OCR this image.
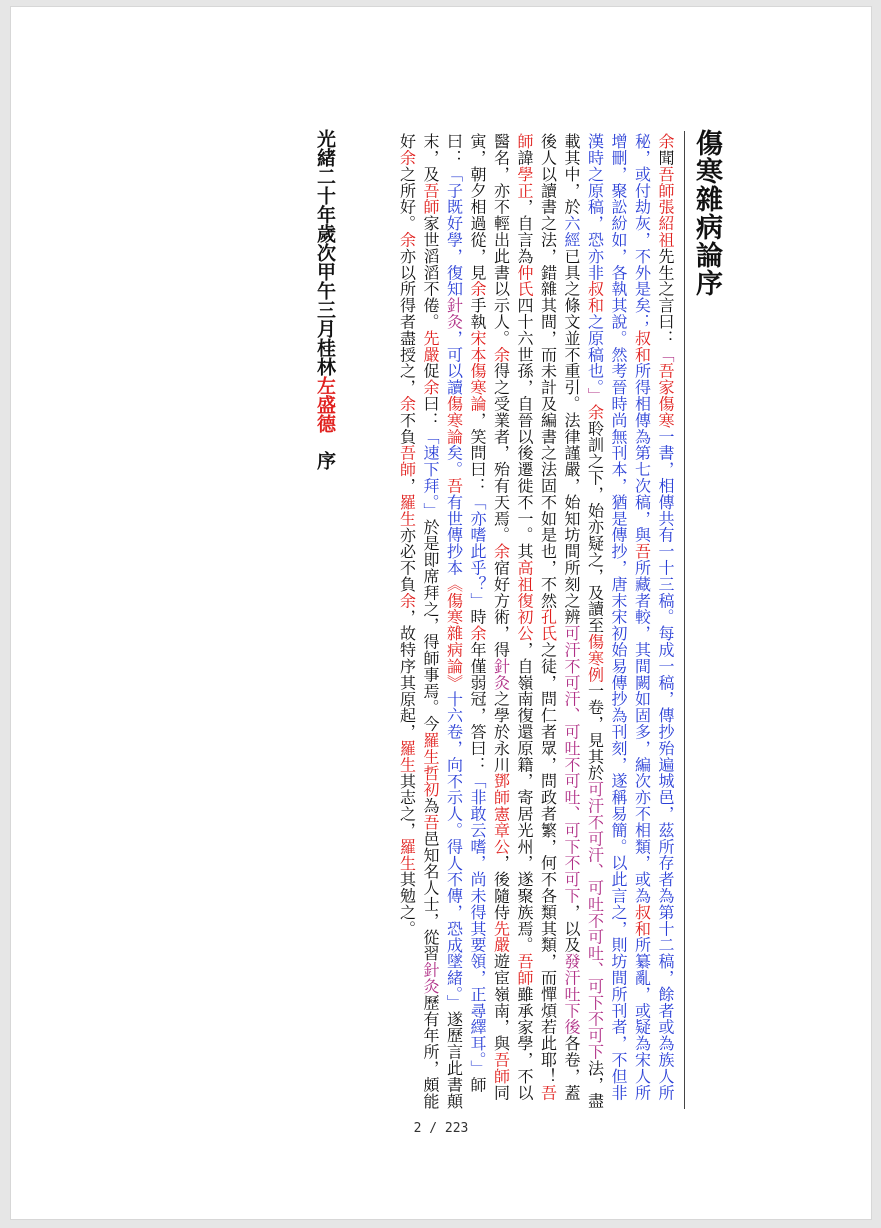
傷寒雜病論序
余聞吾師張紹祖先生之言曰：「吾家傷寒一書，相傳共有一十三稿。每成一稿，傳抄殆遍城邑，茲所存者為第十二稿，餘者或為族人所秘，或付劫灰，不外是矣；叔和所得相傳為第七次稿，與吾所藏者較，其間闕如固多，編次亦不相類，或為叔和所纂亂，或疑為宋人所增刪，聚訟紛如，各執其說。然考晉時尚無刊本，猶是傳抄，唐末宋初始易傳抄為刊刻，遂稱易簡。以此言之，則坊間所刊者，不但非漢時之原稿，恐亦非叔和之原稿也。」余聆訓之下，始亦疑之，及讀至傷寒例一卷，見其於可汗不可汗、可吐不可吐、可下不可下法，盡載其中，於六經已具之條文並不重引。法律謹嚴，始知坊間所刻之辨可汗不可汗、可吐不可吐、可下不可下，以及發汗吐下後各卷，蓋後人以讀書之法，錯雜其間，而未計及編書之法固不如是也，不然孔氏之徒，問仁者眾，問政者繁，何不各類其類，而憚煩若此耶！吾師諱學正，自言為仲氏四十六世孫，自晉以後遷徙不一。其高祖復初公，自嶺南復還原籍，寄居光州，遂聚族焉。吾師雖承家學，不以醫名，亦不輕出此書以示人。余得之受業者，殆有天焉。余宿好方術，得針灸之學於永川鄧師憲章公，後隨侍先嚴遊宦嶺南，與吾師同寅，朝夕相過從，見余手執宋本傷寒論，笑問曰：「亦嗜此乎？」時余年僅弱冠，答曰：「非敢云嗜，尚未得其要領，正尋繹耳。」師曰：「子既好學，復知針灸，可以讀傷寒論矣。吾有世傳抄本《傷寒雜病論》十六卷，向不示人。得人不傳，恐成墜緒。」遂歷言此書顛末，及吾師家世滔滔不倦。先嚴促余曰：「速下拜。」於是即席拜之，得師事焉。今羅生哲初為吾邑知名人士，從習針灸歷有年所，頗能好余之所好。余亦以所得者盡授之，余不負吾師，羅生亦必不負余，故特序其原起，羅生其志之，羅生其勉之。
光緒二十年歲次甲午三月桂林左盛德序
2 / 223
